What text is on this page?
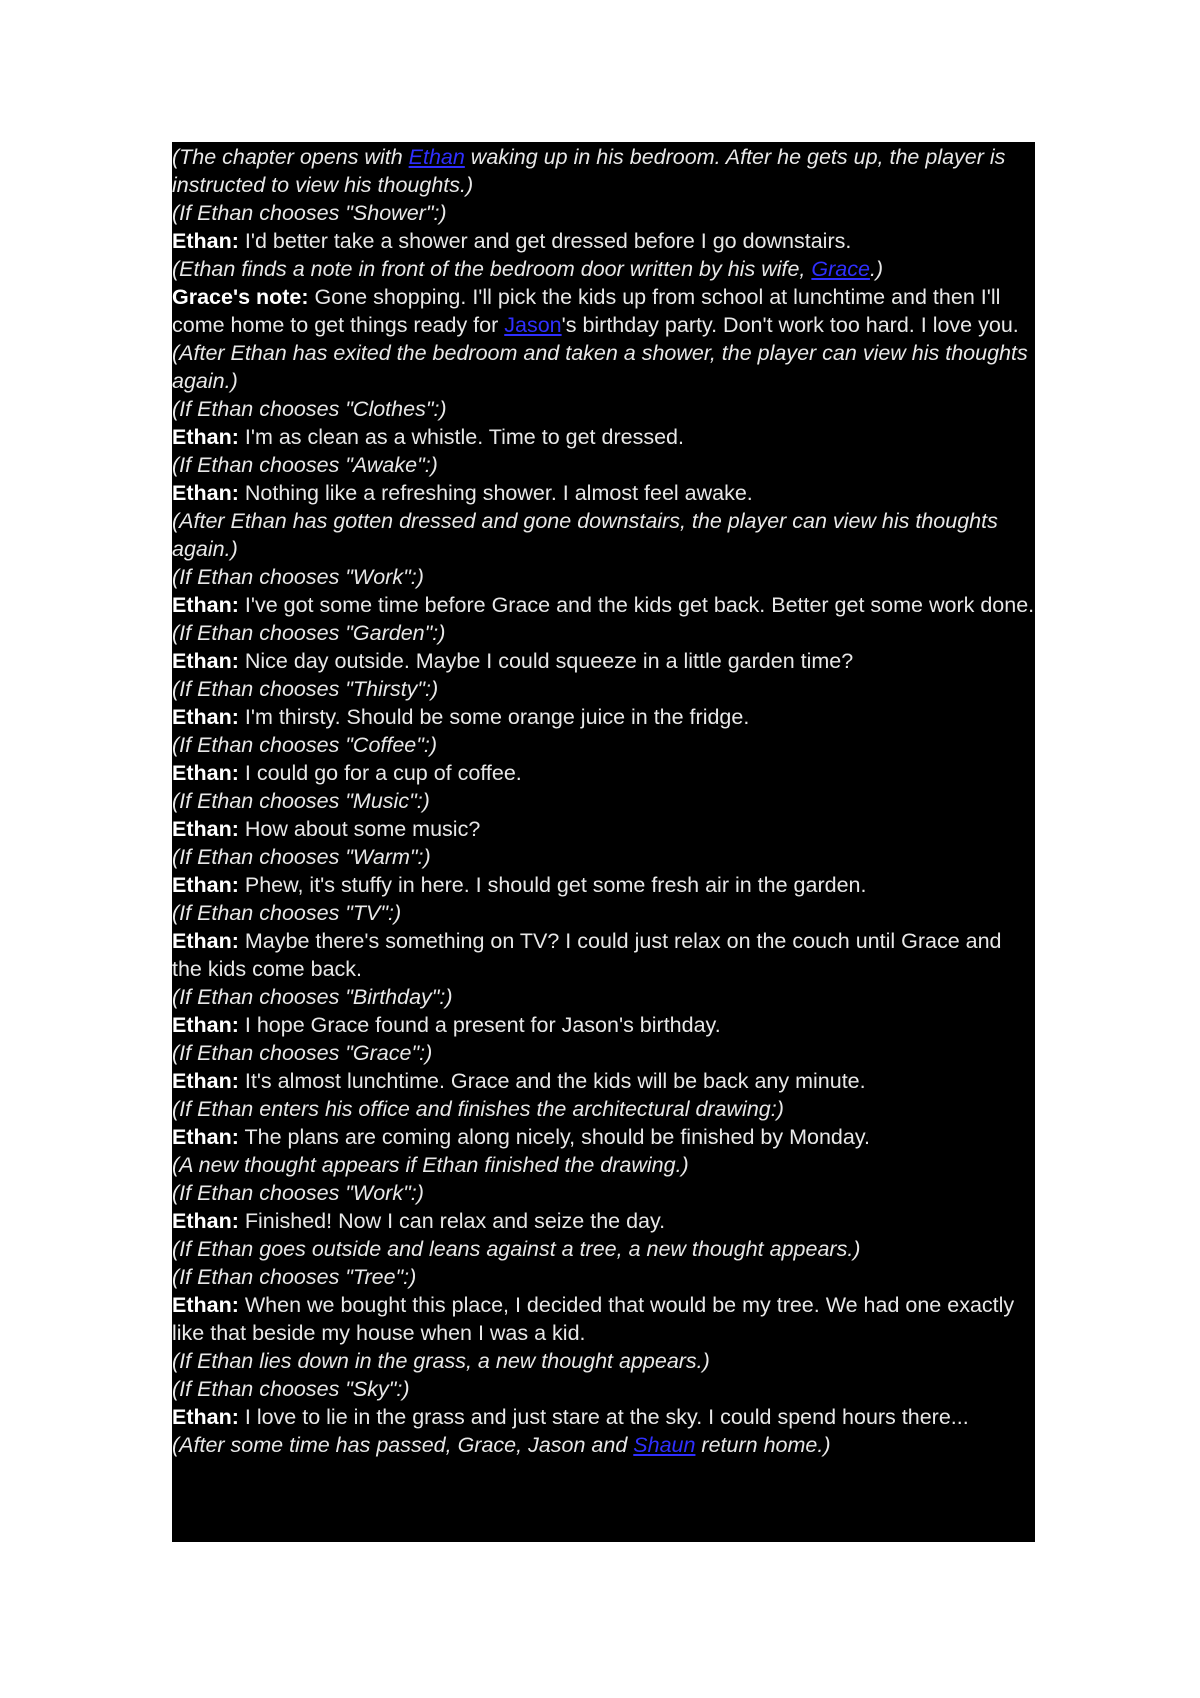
(The chapter opens with Ethan waking up in his bedroom. After he gets up, the player is instructed to view his thoughts.)
(If Ethan chooses "Shower":)
Ethan: I'd better take a shower and get dressed before I go downstairs.
(Ethan finds a note in front of the bedroom door written by his wife, Grace.)
Grace's note: Gone shopping. I'll pick the kids up from school at lunchtime and then I'll come home to get things ready for Jason's birthday party. Don't work too hard. I love you.
(After Ethan has exited the bedroom and taken a shower, the player can view his thoughts again.)
(If Ethan chooses "Clothes":)
Ethan: I'm as clean as a whistle. Time to get dressed.
(If Ethan chooses "Awake":)
Ethan: Nothing like a refreshing shower. I almost feel awake.
(After Ethan has gotten dressed and gone downstairs, the player can view his thoughts again.)
(If Ethan chooses "Work":)
Ethan: I've got some time before Grace and the kids get back. Better get some work done.
(If Ethan chooses "Garden":)
Ethan: Nice day outside. Maybe I could squeeze in a little garden time?
(If Ethan chooses "Thirsty":)
Ethan: I'm thirsty. Should be some orange juice in the fridge.
(If Ethan chooses "Coffee":)
Ethan: I could go for a cup of coffee.
(If Ethan chooses "Music":)
Ethan: How about some music?
(If Ethan chooses "Warm":)
Ethan: Phew, it's stuffy in here. I should get some fresh air in the garden.
(If Ethan chooses "TV":)
Ethan: Maybe there's something on TV? I could just relax on the couch until Grace and the kids come back.
(If Ethan chooses "Birthday":)
Ethan: I hope Grace found a present for Jason's birthday.
(If Ethan chooses "Grace":)
Ethan: It's almost lunchtime. Grace and the kids will be back any minute.
(If Ethan enters his office and finishes the architectural drawing:)
Ethan: The plans are coming along nicely, should be finished by Monday.
(A new thought appears if Ethan finished the drawing.)
(If Ethan chooses "Work":)
Ethan: Finished! Now I can relax and seize the day.
(If Ethan goes outside and leans against a tree, a new thought appears.)
(If Ethan chooses "Tree":)
Ethan: When we bought this place, I decided that would be my tree. We had one exactly like that beside my house when I was a kid.
(If Ethan lies down in the grass, a new thought appears.)
(If Ethan chooses "Sky":)
Ethan: I love to lie in the grass and just stare at the sky. I could spend hours there...
(After some time has passed, Grace, Jason and Shaun return home.)
